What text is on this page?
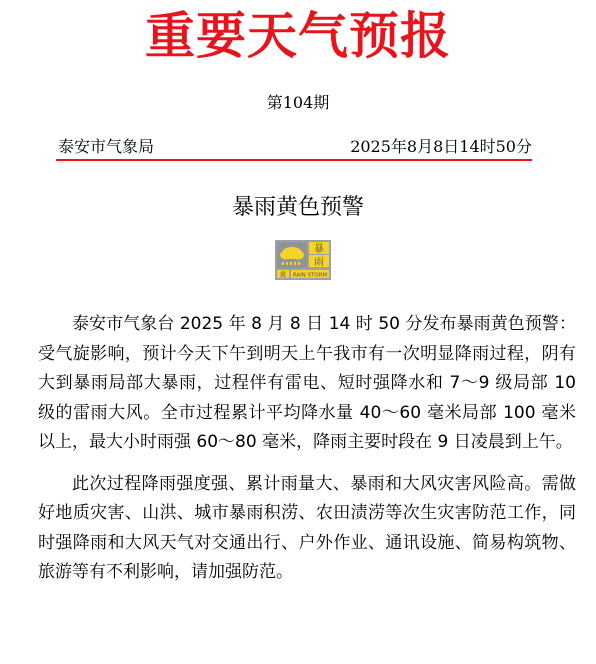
重要天气预报
第104期
泰安市气象局	2025年8月8日14时50分
暴雨黄色预警
暴
雨
黄 RAIN STORM

泰安市气象台 2025 年 8 月 8 日 14 时 50 分发布暴雨黄色预警：受气旋影响，预计今天下午到明天上午我市有一次明显降雨过程，阴有大到暴雨局部大暴雨，过程伴有雷电、短时强降水和 7～9 级局部 10 级的雷雨大风。全市过程累计平均降水量 40～60 毫米局部 100 毫米以上，最大小时雨强 60～80 毫米，降雨主要时段在 9 日凌晨到上午。

此次过程降雨强度强、累计雨量大、暴雨和大风灾害风险高。需做好地质灾害、山洪、城市暴雨积涝、农田渍涝等次生灾害防范工作，同时强降雨和大风天气对交通出行、户外作业、通讯设施、简易构筑物、旅游等有不利影响，请加强防范。
